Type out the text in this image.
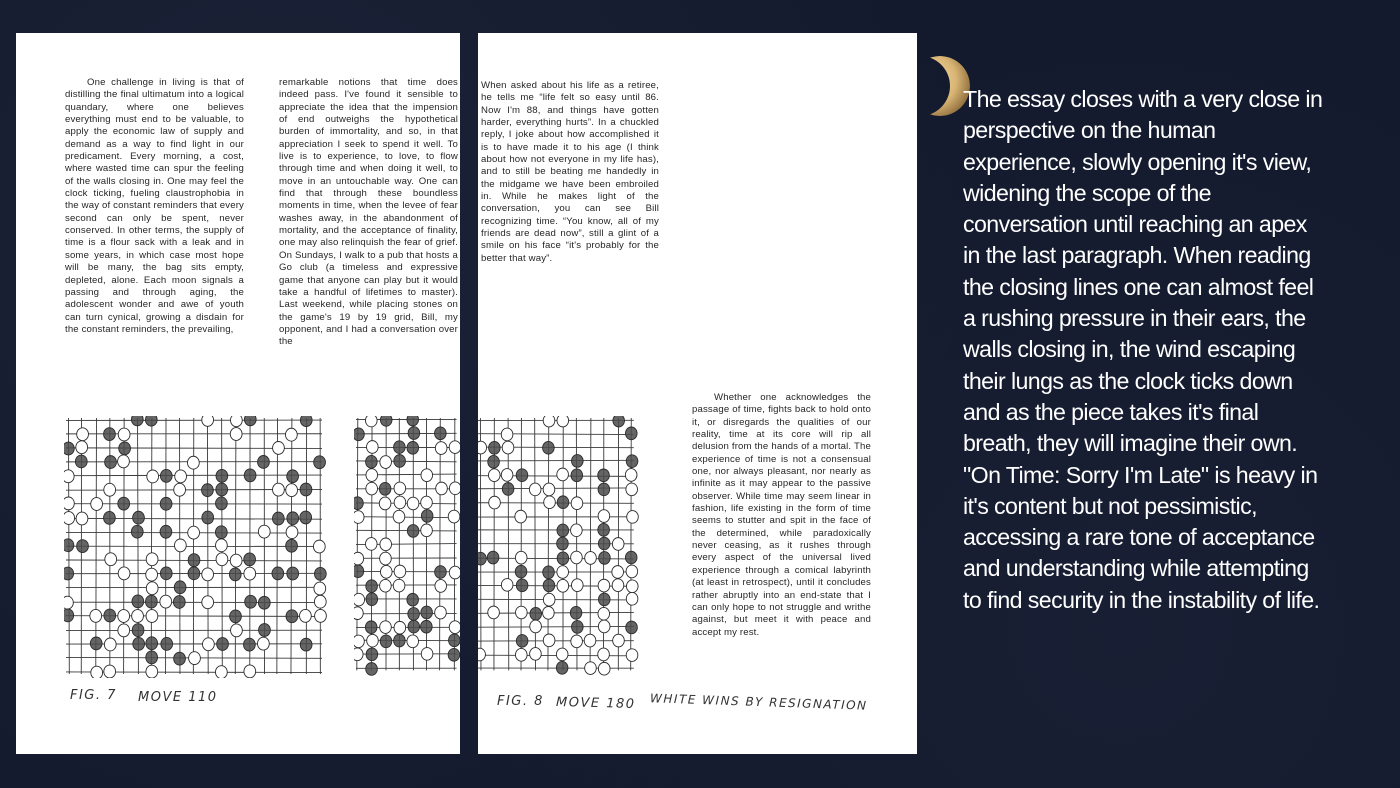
One challenge in living is that of distilling the final ultimatum into a logical quandary, where one believes everything must end to be valuable, to apply the economic law of supply and demand as a way to find light in our predicament. Every morning, a cost, where wasted time can spur the feeling of the walls closing in. One may feel the clock ticking, fueling claustrophobia in the way of constant reminders that every second can only be spent, never conserved. In other terms, the supply of time is a flour sack with a leak and in some years, in which case most hope will be many, the bag sits empty, depleted, alone. Each moon signals a passing and through aging, the adolescent wonder and awe of youth can turn cynical, growing a disdain for the constant reminders, the prevailing,
remarkable notions that time does indeed pass. I've found it sensible to appreciate the idea that the impension of end outweighs the hypothetical burden of immortality, and so, in that appreciation I seek to spend it well. To live is to experience, to love, to flow through time and when doing it well, to move in an untouchable way. One can find that through these boundless moments in time, when the levee of fear washes away, in the abandonment of mortality, and the acceptance of finality, one may also relinquish the fear of grief. On Sundays, I walk to a pub that hosts a Go club (a timeless and expressive game that anyone can play but it would take a handful of lifetimes to master). Last weekend, while placing stones on the game's 19 by 19 grid, Bill, my opponent, and I had a conversation over the
FIG. 7 MOVE 110
When asked about his life as a retiree, he tells me “life felt so easy until 86. Now I'm 88, and things have gotten harder, everything hurts”. In a chuckled reply, I joke about how accomplished it is to have made it to his age (I think about how not everyone in my life has), and to still be beating me handedly in the midgame we have been embroiled in. While he makes light of the conversation, you can see Bill recognizing time. “You know, all of my friends are dead now”, still a glint of a smile on his face “it's probably for the better that way”.
Whether one acknowledges the passage of time, fights back to hold onto it, or disregards the qualities of our reality, time at its core will rip all delusion from the hands of a mortal. The experience of time is not a consensual one, nor always pleasant, nor nearly as infinite as it may appear to the passive observer. While time may seem linear in fashion, life existing in the form of time seems to stutter and spit in the face of the determined, while paradoxically never ceasing, as it rushes through every aspect of the universal lived experience through a comical labyrinth (at least in retrospect), until it concludes rather abruptly into an end-state that I can only hope to not struggle and writhe against, but meet it with peace and accept my rest.
FIG. 8 MOVE 180 WHITE WINS BY RESIGNATION
The essay closes with a very close in perspective on the human experience, slowly opening it's view, widening the scope of the conversation until reaching an apex in the last paragraph. When reading the closing lines one can almost feel a rushing pressure in their ears, the walls closing in, the wind escaping their lungs as the clock ticks down and as the piece takes it's final breath, they will imagine their own. "On Time: Sorry I'm Late" is heavy in it's content but not pessimistic, accessing a rare tone of acceptance and understanding while attempting to find security in the instability of life.
